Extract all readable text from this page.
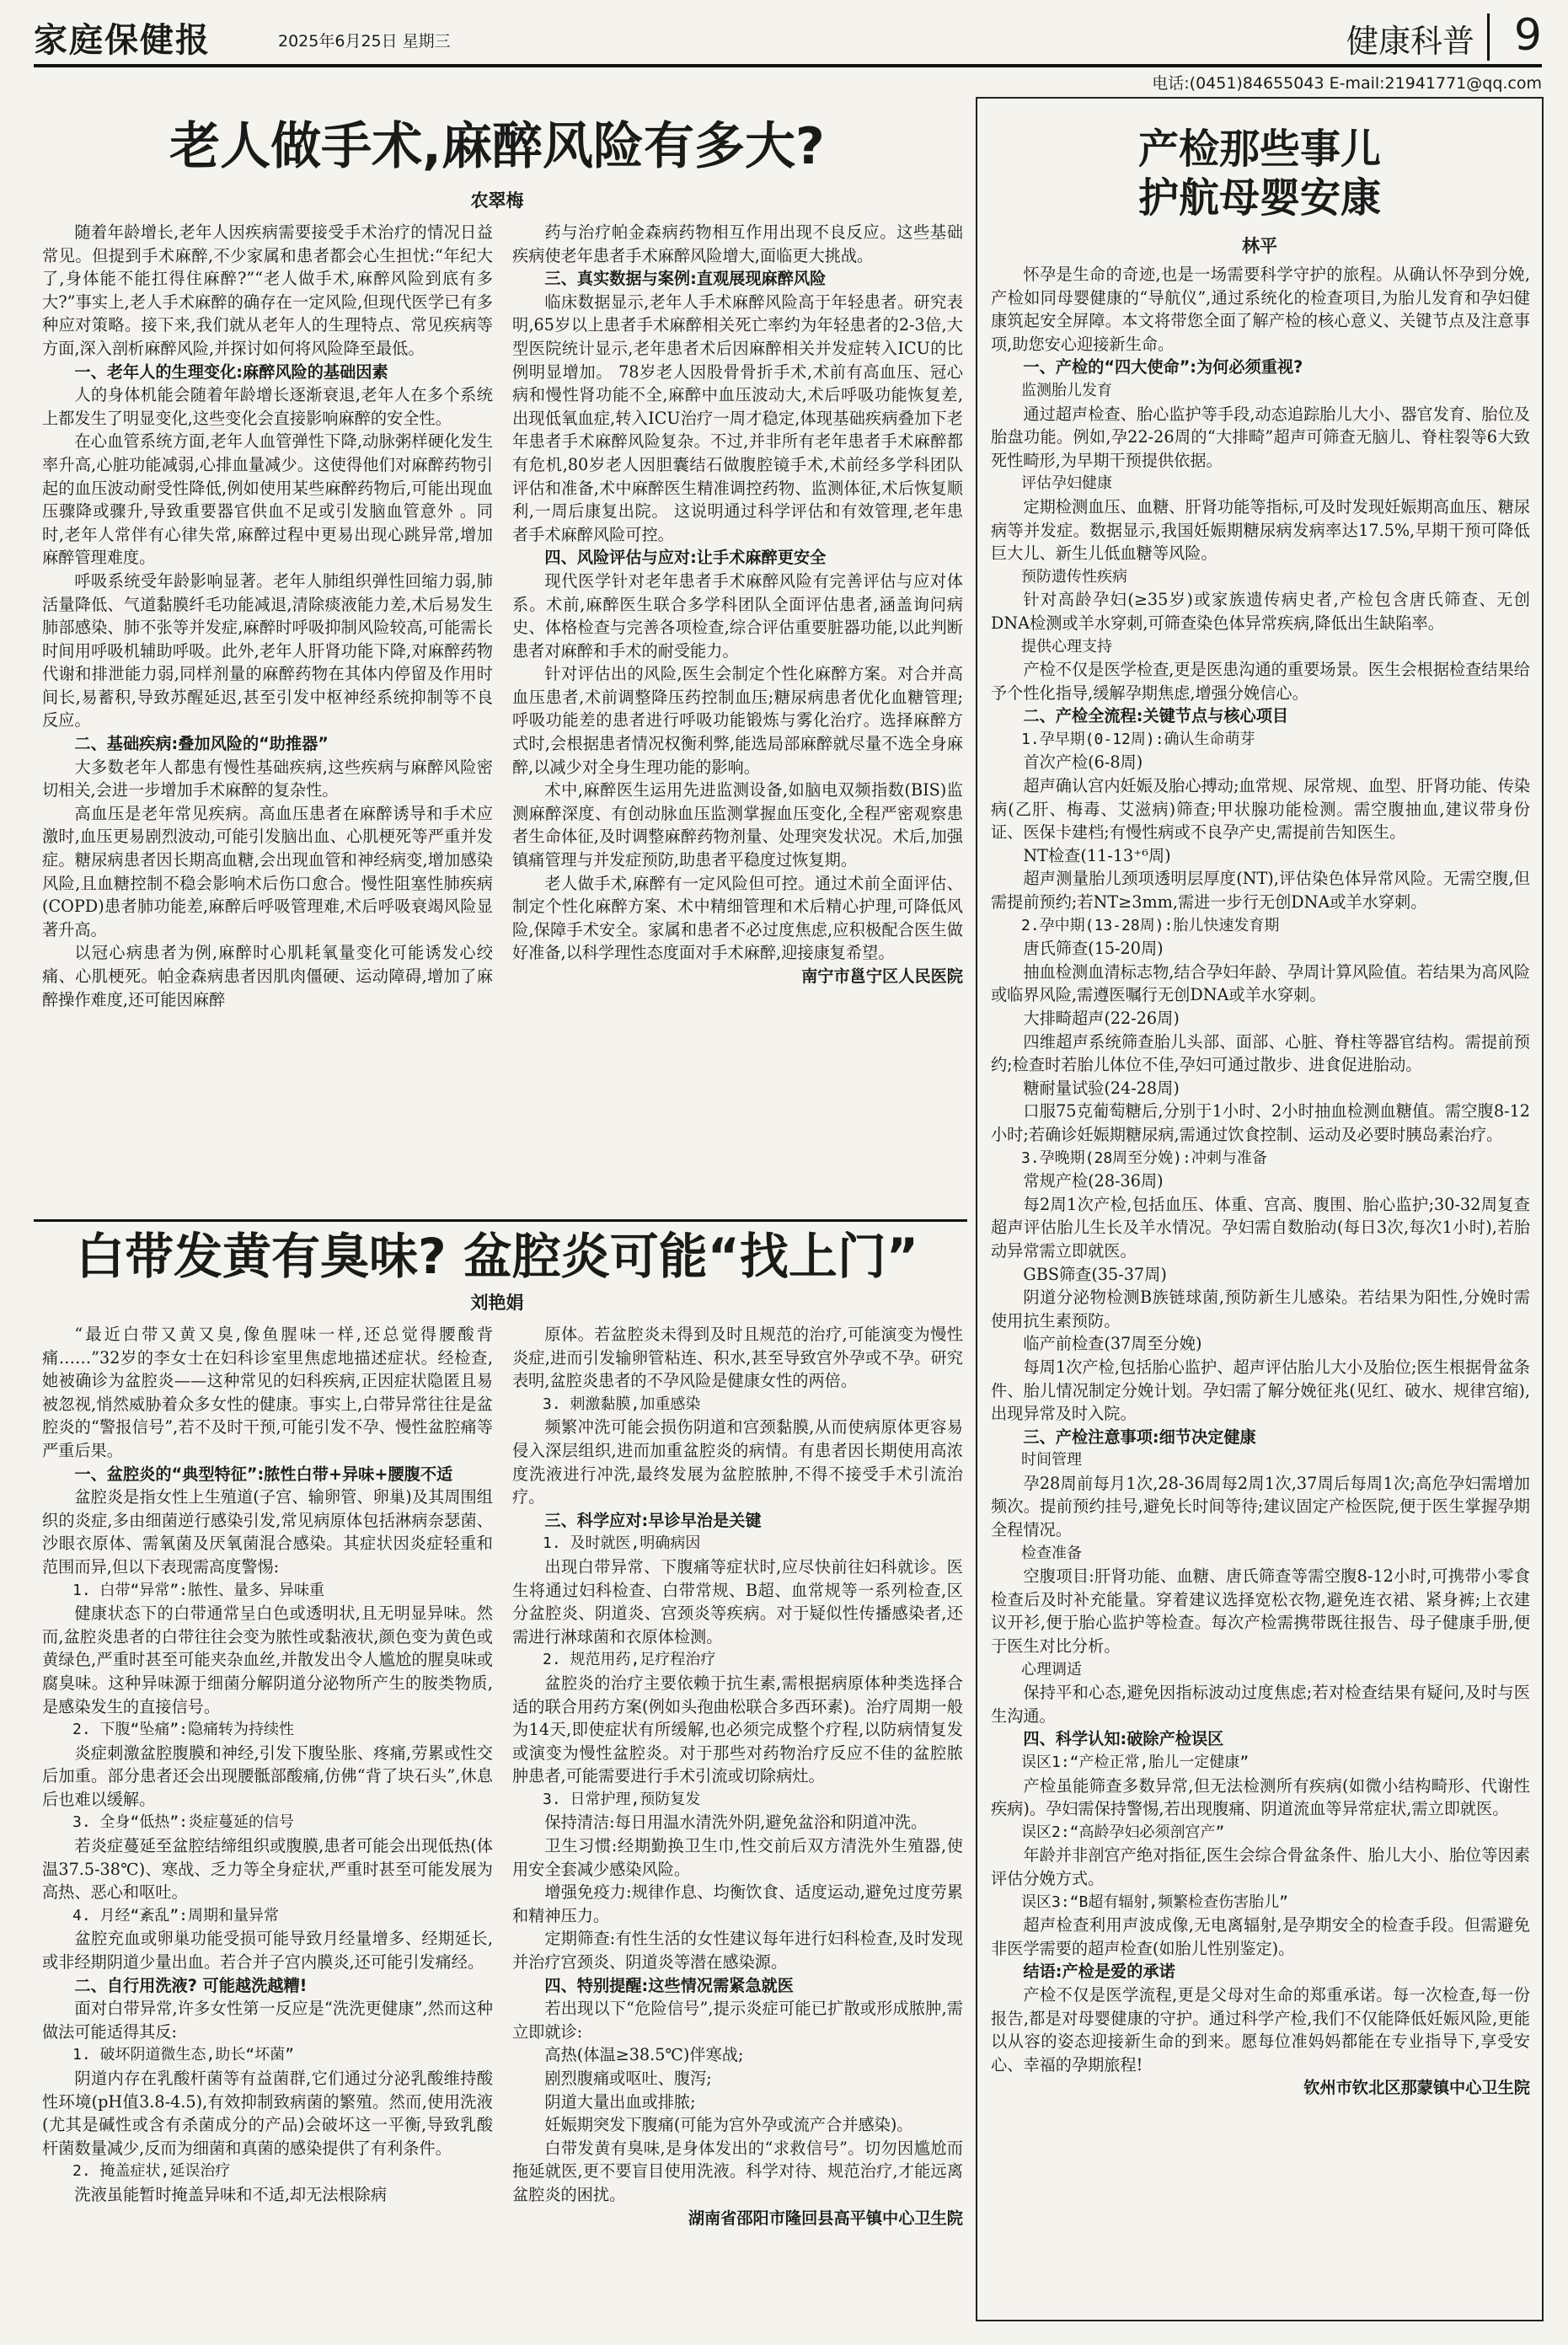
家庭保健报	2025年6月25日 星期三	健康科普 9
电话:(0451)84655043 E-mail:21941771@qq.com
老人做手术,麻醉风险有多大?
农翠梅

随着年龄增长,老年人因疾病需要接受手术治疗的情况日益常见。但提到手术麻醉,不少家属和患者都会心生担忧:“年纪大了,身体能不能扛得住麻醉?”“老人做手术,麻醉风险到底有多大?”事实上,老人手术麻醉的确存在一定风险,但现代医学已有多种应对策略。接下来,我们就从老年人的生理特点、常见疾病等方面,深入剖析麻醉风险,并探讨如何将风险降至最低。

一、老年人的生理变化:麻醉风险的基础因素

人的身体机能会随着年龄增长逐渐衰退,老年人在多个系统上都发生了明显变化,这些变化会直接影响麻醉的安全性。

在心血管系统方面,老年人血管弹性下降,动脉粥样硬化发生率升高,心脏功能减弱,心排血量减少。这使得他们对麻醉药物引起的血压波动耐受性降低,例如使用某些麻醉药物后,可能出现血压骤降或骤升,导致重要器官供血不足或引发脑血管意外 。同时,老年人常伴有心律失常,麻醉过程中更易出现心跳异常,增加麻醉管理难度。

呼吸系统受年龄影响显著。老年人肺组织弹性回缩力弱,肺活量降低、气道黏膜纤毛功能减退,清除痰液能力差,术后易发生肺部感染、肺不张等并发症,麻醉时呼吸抑制风险较高,可能需长时间用呼吸机辅助呼吸。此外,老年人肝肾功能下降,对麻醉药物代谢和排泄能力弱,同样剂量的麻醉药物在其体内停留及作用时间长,易蓄积,导致苏醒延迟,甚至引发中枢神经系统抑制等不良反应。

二、基础疾病:叠加风险的“助推器”

大多数老年人都患有慢性基础疾病,这些疾病与麻醉风险密切相关,会进一步增加手术麻醉的复杂性。

高血压是老年常见疾病。高血压患者在麻醉诱导和手术应激时,血压更易剧烈波动,可能引发脑出血、心肌梗死等严重并发症。糖尿病患者因长期高血糖,会出现血管和神经病变,增加感染风险,且血糖控制不稳会影响术后伤口愈合。慢性阻塞性肺疾病(COPD)患者肺功能差,麻醉后呼吸管理难,术后呼吸衰竭风险显著升高。

以冠心病患者为例,麻醉时心肌耗氧量变化可能诱发心绞痛、心肌梗死。帕金森病患者因肌肉僵硬、运动障碍,增加了麻醉操作难度,还可能因麻醉

药与治疗帕金森病药物相互作用出现不良反应。这些基础疾病使老年患者手术麻醉风险增大,面临更大挑战。

三、真实数据与案例:直观展现麻醉风险

临床数据显示,老年人手术麻醉风险高于年轻患者。研究表明,65岁以上患者手术麻醉相关死亡率约为年轻患者的2-3倍,大型医院统计显示,老年患者术后因麻醉相关并发症转入ICU的比例明显增加。 78岁老人因股骨骨折手术,术前有高血压、冠心病和慢性肾功能不全,麻醉中血压波动大,术后呼吸功能恢复差,出现低氧血症,转入ICU治疗一周才稳定,体现基础疾病叠加下老年患者手术麻醉风险复杂。不过,并非所有老年患者手术麻醉都有危机,80岁老人因胆囊结石做腹腔镜手术,术前经多学科团队评估和准备,术中麻醉医生精准调控药物、监测体征,术后恢复顺利,一周后康复出院。 这说明通过科学评估和有效管理,老年患者手术麻醉风险可控。

四、风险评估与应对:让手术麻醉更安全

现代医学针对老年患者手术麻醉风险有完善评估与应对体系。术前,麻醉医生联合多学科团队全面评估患者,涵盖询问病史、体格检查与完善各项检查,综合评估重要脏器功能,以此判断患者对麻醉和手术的耐受能力。

针对评估出的风险,医生会制定个性化麻醉方案。对合并高血压患者,术前调整降压药控制血压;糖尿病患者优化血糖管理;呼吸功能差的患者进行呼吸功能锻炼与雾化治疗。选择麻醉方式时,会根据患者情况权衡利弊,能选局部麻醉就尽量不选全身麻醉,以减少对全身生理功能的影响。

术中,麻醉医生运用先进监测设备,如脑电双频指数(BIS)监测麻醉深度、有创动脉血压监测掌握血压变化,全程严密观察患者生命体征,及时调整麻醉药物剂量、处理突发状况。术后,加强镇痛管理与并发症预防,助患者平稳度过恢复期。

老人做手术,麻醉有一定风险但可控。通过术前全面评估、制定个性化麻醉方案、术中精细管理和术后精心护理,可降低风险,保障手术安全。家属和患者不必过度焦虑,应积极配合医生做好准备,以科学理性态度面对手术麻醉,迎接康复希望。

南宁市邕宁区人民医院

白带发黄有臭味? 盆腔炎可能“找上门”
刘艳娟

“最近白带又黄又臭,像鱼腥味一样,还总觉得腰酸背痛……”32岁的李女士在妇科诊室里焦虑地描述症状。经检查,她被确诊为盆腔炎——这种常见的妇科疾病,正因症状隐匿且易被忽视,悄然威胁着众多女性的健康。事实上,白带异常往往是盆腔炎的“警报信号”,若不及时干预,可能引发不孕、慢性盆腔痛等严重后果。

一、盆腔炎的“典型特征”:脓性白带+异味+腰腹不适

盆腔炎是指女性上生殖道(子宫、输卵管、卵巢)及其周围组织的炎症,多由细菌逆行感染引发,常见病原体包括淋病奈瑟菌、沙眼衣原体、需氧菌及厌氧菌混合感染。其症状因炎症轻重和范围而异,但以下表现需高度警惕:

1. 白带“异常”:脓性、量多、异味重

健康状态下的白带通常呈白色或透明状,且无明显异味。然而,盆腔炎患者的白带往往会变为脓性或黏液状,颜色变为黄色或黄绿色,严重时甚至可能夹杂血丝,并散发出令人尴尬的腥臭味或腐臭味。这种异味源于细菌分解阴道分泌物所产生的胺类物质,是感染发生的直接信号。

2. 下腹“坠痛”:隐痛转为持续性

炎症刺激盆腔腹膜和神经,引发下腹坠胀、疼痛,劳累或性交后加重。部分患者还会出现腰骶部酸痛,仿佛“背了块石头”,休息后也难以缓解。

3. 全身“低热”:炎症蔓延的信号

若炎症蔓延至盆腔结缔组织或腹膜,患者可能会出现低热(体温37.5-38℃)、寒战、乏力等全身症状,严重时甚至可能发展为高热、恶心和呕吐。

4. 月经“紊乱”:周期和量异常

盆腔充血或卵巢功能受损可能导致月经量增多、经期延长,或非经期阴道少量出血。若合并子宫内膜炎,还可能引发痛经。

二、自行用洗液? 可能越洗越糟!

面对白带异常,许多女性第一反应是“洗洗更健康”,然而这种做法可能适得其反:

1. 破坏阴道微生态,助长“坏菌”

阴道内存在乳酸杆菌等有益菌群,它们通过分泌乳酸维持酸性环境(pH值3.8-4.5),有效抑制致病菌的繁殖。然而,使用洗液(尤其是碱性或含有杀菌成分的产品)会破坏这一平衡,导致乳酸杆菌数量减少,反而为细菌和真菌的感染提供了有利条件。

2. 掩盖症状,延误治疗

洗液虽能暂时掩盖异味和不适,却无法根除病

原体。若盆腔炎未得到及时且规范的治疗,可能演变为慢性炎症,进而引发输卵管粘连、积水,甚至导致宫外孕或不孕。研究表明,盆腔炎患者的不孕风险是健康女性的两倍。

3. 刺激黏膜,加重感染

频繁冲洗可能会损伤阴道和宫颈黏膜,从而使病原体更容易侵入深层组织,进而加重盆腔炎的病情。有患者因长期使用高浓度洗液进行冲洗,最终发展为盆腔脓肿,不得不接受手术引流治疗。

三、科学应对:早诊早治是关键

1. 及时就医,明确病因

出现白带异常、下腹痛等症状时,应尽快前往妇科就诊。医生将通过妇科检查、白带常规、B超、血常规等一系列检查,区分盆腔炎、阴道炎、宫颈炎等疾病。对于疑似性传播感染者,还需进行淋球菌和衣原体检测。

2. 规范用药,足疗程治疗

盆腔炎的治疗主要依赖于抗生素,需根据病原体种类选择合适的联合用药方案(例如头孢曲松联合多西环素)。治疗周期一般为14天,即使症状有所缓解,也必须完成整个疗程,以防病情复发或演变为慢性盆腔炎。对于那些对药物治疗反应不佳的盆腔脓肿患者,可能需要进行手术引流或切除病灶。

3. 日常护理,预防复发

保持清洁:每日用温水清洗外阴,避免盆浴和阴道冲洗。

卫生习惯:经期勤换卫生巾,性交前后双方清洗外生殖器,使用安全套减少感染风险。

增强免疫力:规律作息、均衡饮食、适度运动,避免过度劳累和精神压力。

定期筛查:有性生活的女性建议每年进行妇科检查,及时发现并治疗宫颈炎、阴道炎等潜在感染源。

四、特别提醒:这些情况需紧急就医

若出现以下“危险信号”,提示炎症可能已扩散或形成脓肿,需立即就诊:

高热(体温≥38.5℃)伴寒战;

剧烈腹痛或呕吐、腹泻;

阴道大量出血或排脓;

妊娠期突发下腹痛(可能为宫外孕或流产合并感染)。

白带发黄有臭味,是身体发出的“求救信号”。切勿因尴尬而拖延就医,更不要盲目使用洗液。科学对待、规范治疗,才能远离盆腔炎的困扰。

湖南省邵阳市隆回县高平镇中心卫生院

产检那些事儿
护航母婴安康
林平

怀孕是生命的奇迹,也是一场需要科学守护的旅程。从确认怀孕到分娩,产检如同母婴健康的“导航仪”,通过系统化的检查项目,为胎儿发育和孕妇健康筑起安全屏障。本文将带您全面了解产检的核心意义、关键节点及注意事项,助您安心迎接新生命。

一、产检的“四大使命”:为何必须重视?

监测胎儿发育

通过超声检查、胎心监护等手段,动态追踪胎儿大小、器官发育、胎位及胎盘功能。例如,孕22-26周的“大排畸”超声可筛查无脑儿、脊柱裂等6大致死性畸形,为早期干预提供依据。

评估孕妇健康

定期检测血压、血糖、肝肾功能等指标,可及时发现妊娠期高血压、糖尿病等并发症。数据显示,我国妊娠期糖尿病发病率达17.5%,早期干预可降低巨大儿、新生儿低血糖等风险。

预防遗传性疾病

针对高龄孕妇(≥35岁)或家族遗传病史者,产检包含唐氏筛查、无创DNA检测或羊水穿刺,可筛查染色体异常疾病,降低出生缺陷率。

提供心理支持

产检不仅是医学检查,更是医患沟通的重要场景。医生会根据检查结果给予个性化指导,缓解孕期焦虑,增强分娩信心。

二、产检全流程:关键节点与核心项目

1.孕早期(0-12周):确认生命萌芽

首次产检(6-8周)

超声确认宫内妊娠及胎心搏动;血常规、尿常规、血型、肝肾功能、传染病(乙肝、梅毒、艾滋病)筛查;甲状腺功能检测。需空腹抽血,建议带身份证、医保卡建档;有慢性病或不良孕产史,需提前告知医生。

NT检查(11-13⁺⁶周)

超声测量胎儿颈项透明层厚度(NT),评估染色体异常风险。无需空腹,但需提前预约;若NT≥3mm,需进一步行无创DNA或羊水穿刺。

2.孕中期(13-28周):胎儿快速发育期

唐氏筛查(15-20周)

抽血检测血清标志物,结合孕妇年龄、孕周计算风险值。若结果为高风险或临界风险,需遵医嘱行无创DNA或羊水穿刺。

大排畸超声(22-26周)

四维超声系统筛查胎儿头部、面部、心脏、脊柱等器官结构。需提前预约;检查时若胎儿体位不佳,孕妇可通过散步、进食促进胎动。

糖耐量试验(24-28周)

口服75克葡萄糖后,分别于1小时、2小时抽血检测血糖值。需空腹8-12小时;若确诊妊娠期糖尿病,需通过饮食控制、运动及必要时胰岛素治疗。

3.孕晚期(28周至分娩):冲刺与准备

常规产检(28-36周)

每2周1次产检,包括血压、体重、宫高、腹围、胎心监护;30-32周复查超声评估胎儿生长及羊水情况。孕妇需自数胎动(每日3次,每次1小时),若胎动异常需立即就医。

GBS筛查(35-37周)

阴道分泌物检测B族链球菌,预防新生儿感染。若结果为阳性,分娩时需使用抗生素预防。

临产前检查(37周至分娩)

每周1次产检,包括胎心监护、超声评估胎儿大小及胎位;医生根据骨盆条件、胎儿情况制定分娩计划。孕妇需了解分娩征兆(见红、破水、规律宫缩),出现异常及时入院。

三、产检注意事项:细节决定健康

时间管理

孕28周前每月1次,28-36周每2周1次,37周后每周1次;高危孕妇需增加频次。提前预约挂号,避免长时间等待;建议固定产检医院,便于医生掌握孕期全程情况。

检查准备

空腹项目:肝肾功能、血糖、唐氏筛查等需空腹8-12小时,可携带小零食检查后及时补充能量。穿着建议选择宽松衣物,避免连衣裙、紧身裤;上衣建议开衫,便于胎心监护等检查。每次产检需携带既往报告、母子健康手册,便于医生对比分析。

心理调适

保持平和心态,避免因指标波动过度焦虑;若对检查结果有疑问,及时与医生沟通。

四、科学认知:破除产检误区

误区1:“产检正常,胎儿一定健康”

产检虽能筛查多数异常,但无法检测所有疾病(如微小结构畸形、代谢性疾病)。孕妇需保持警惕,若出现腹痛、阴道流血等异常症状,需立即就医。

误区2:“高龄孕妇必须剖宫产”

年龄并非剖宫产绝对指征,医生会综合骨盆条件、胎儿大小、胎位等因素评估分娩方式。

误区3:“B超有辐射,频繁检查伤害胎儿”

超声检查利用声波成像,无电离辐射,是孕期安全的检查手段。但需避免非医学需要的超声检查(如胎儿性别鉴定)。

结语:产检是爱的承诺

产检不仅是医学流程,更是父母对生命的郑重承诺。每一次检查,每一份报告,都是对母婴健康的守护。通过科学产检,我们不仅能降低妊娠风险,更能以从容的姿态迎接新生命的到来。愿每位准妈妈都能在专业指导下,享受安心、幸福的孕期旅程!

钦州市钦北区那蒙镇中心卫生院
